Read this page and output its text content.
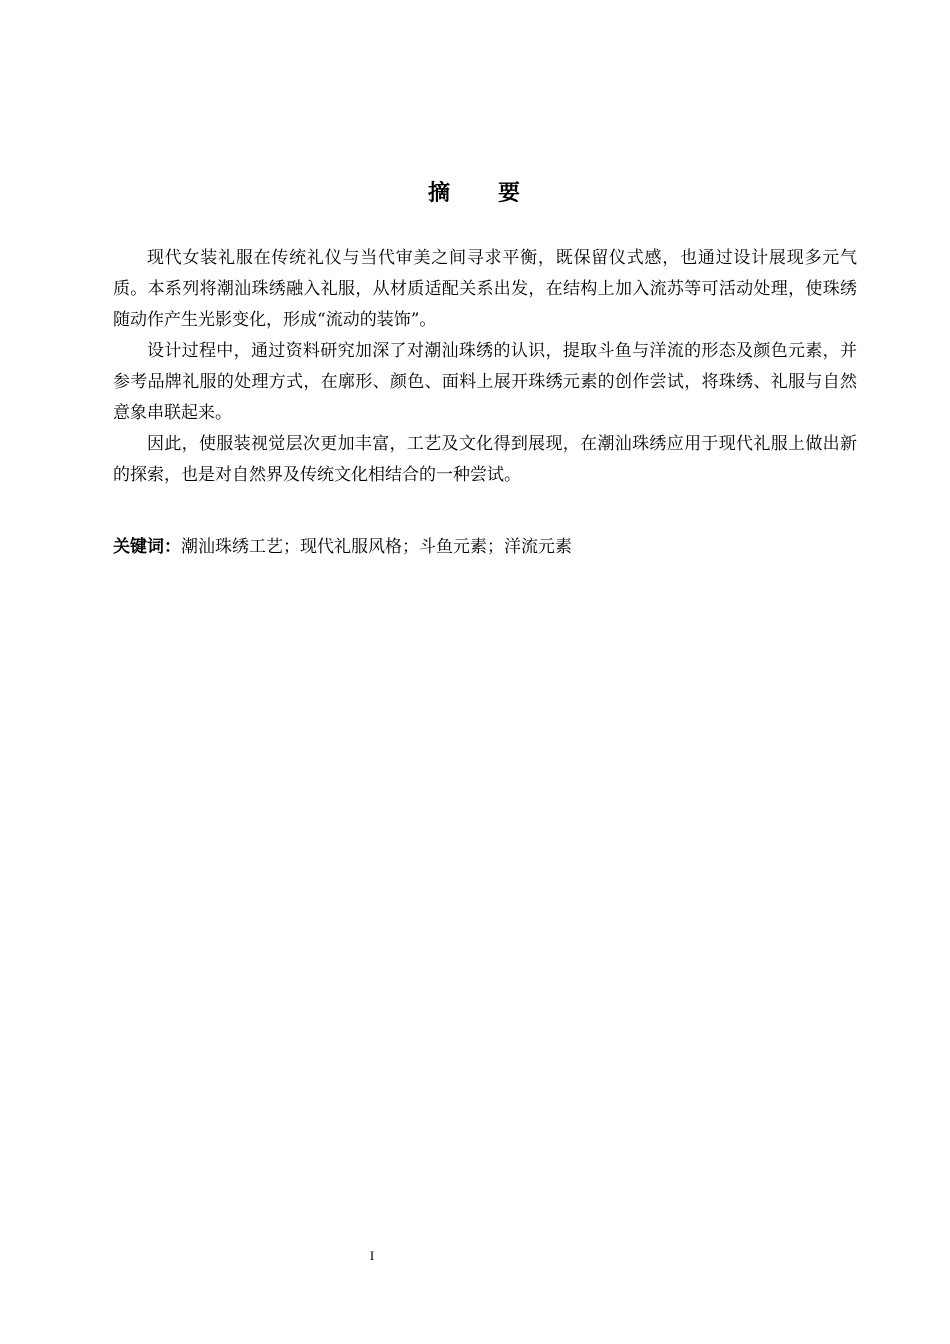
摘 要

现代女装礼服在传统礼仪与当代审美之间寻求平衡，既保留仪式感，也通过设计展现多元气质。本系列将潮汕珠绣融入礼服，从材质适配关系出发，在结构上加入流苏等可活动处理，使珠绣随动作产生光影变化，形成“流动的装饰”。

设计过程中，通过资料研究加深了对潮汕珠绣的认识，提取斗鱼与洋流的形态及颜色元素，并参考品牌礼服的处理方式，在廓形、颜色、面料上展开珠绣元素的创作尝试，将珠绣、礼服与自然意象串联起来。

因此，使服装视觉层次更加丰富，工艺及文化得到展现，在潮汕珠绣应用于现代礼服上做出新的探索，也是对自然界及传统文化相结合的一种尝试。

关键词：潮汕珠绣工艺；现代礼服风格；斗鱼元素；洋流元素
I
